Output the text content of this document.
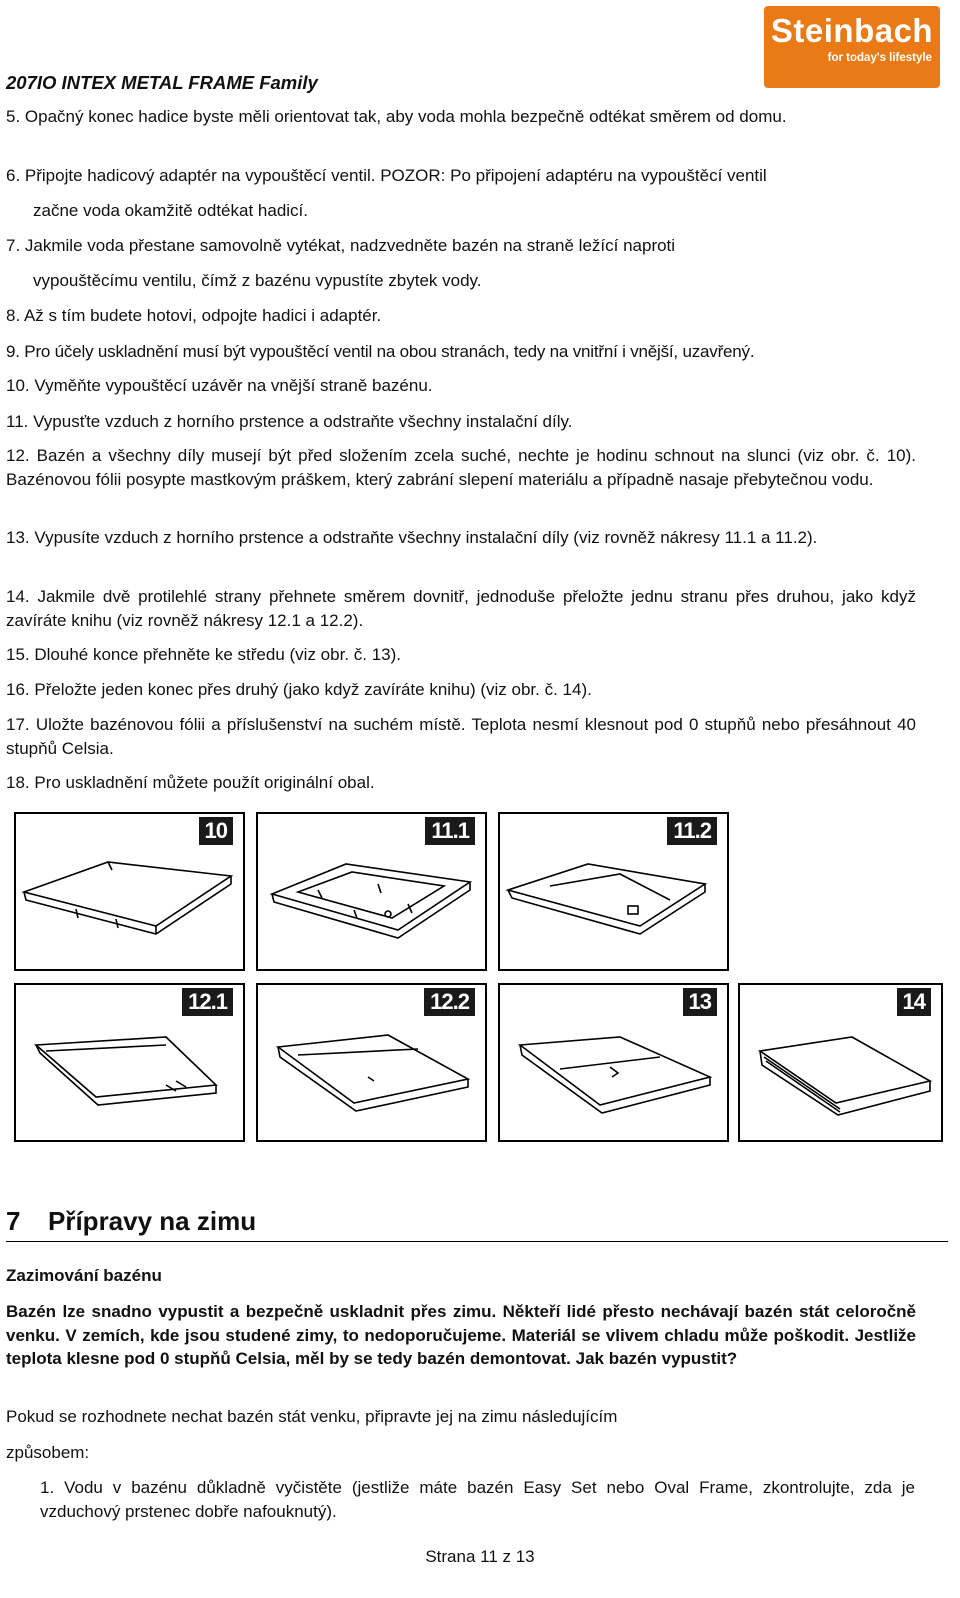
Steinbach
for today's lifestyle
207IO INTEX METAL FRAME Family
5. Opačný konec hadice byste měli orientovat tak, aby voda mohla bezpečně odtékat směrem od domu.
6. Připojte hadicový adaptér na vypouštěcí ventil. POZOR: Po připojení adaptéru na vypouštěcí ventil
začne voda okamžitě odtékat hadicí.
7. Jakmile voda přestane samovolně vytékat, nadzvedněte bazén na straně ležící naproti
vypouštěcímu ventilu, čímž z bazénu vypustíte zbytek vody.
8. Až s tím budete hotovi, odpojte hadici i adaptér.
9. Pro účely uskladnění musí být vypouštěcí ventil na obou stranách, tedy na vnitřní i vnější, uzavřený.
10. Vyměňte vypouštěcí uzávěr na vnější straně bazénu.
11. Vypusťte vzduch z horního prstence a odstraňte všechny instalační díly.
12. Bazén a všechny díly musejí být před složením zcela suché, nechte je hodinu schnout na slunci (viz obr. č. 10). Bazénovou fólii posypte mastkovým práškem, který zabrání slepení materiálu a případně nasaje přebytečnou vodu.
13. Vypusíte vzduch z horního prstence a odstraňte všechny instalační díly (viz rovněž nákresy 11.1 a 11.2).
14. Jakmile dvě protilehlé strany přehnete směrem dovnitř, jednoduše přeložte jednu stranu přes druhou, jako když zavíráte knihu (viz rovněž nákresy 12.1 a 12.2).
15. Dlouhé konce přehněte ke středu (viz obr. č. 13).
16. Přeložte jeden konec přes druhý (jako když zavíráte knihu) (viz obr. č. 14).
17. Uložte bazénovou fólii a příslušenství na suchém místě. Teplota nesmí klesnout pod 0 stupňů nebo přesáhnout 40 stupňů Celsia.
18. Pro uskladnění můžete použít originální obal.
10	11.1	11.2
12.1	12.2	13	14
7 Přípravy na zimu
Zazimování bazénu
Bazén lze snadno vypustit a bezpečně uskladnit přes zimu. Někteří lidé přesto nechávají bazén stát celoročně venku. V zemích, kde jsou studené zimy, to nedoporučujeme. Materiál se vlivem chladu může poškodit. Jestliže teplota klesne pod 0 stupňů Celsia, měl by se tedy bazén demontovat. Jak bazén vypustit?
Pokud se rozhodnete nechat bazén stát venku, připravte jej na zimu následujícím
způsobem:
1. Vodu v bazénu důkladně vyčistěte (jestliže máte bazén Easy Set nebo Oval Frame, zkontrolujte, zda je vzduchový prstenec dobře nafouknutý).
Strana 11 z 13
